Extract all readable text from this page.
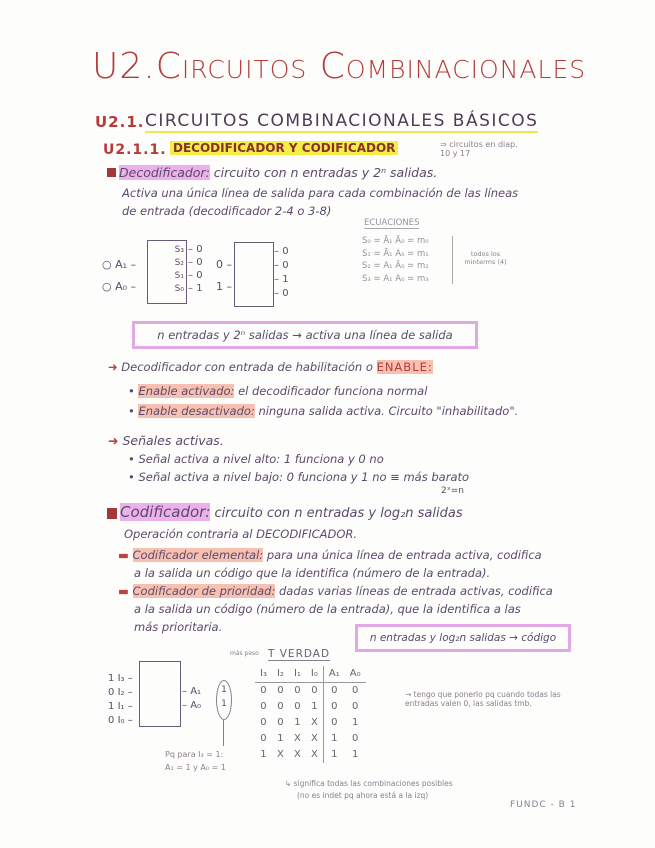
U2.Circuitos Combinacionales
U2.1. CIRCUITOS COMBINACIONALES BÁSICOS
U2.1.1. DECODIFICADOR Y CODIFICADOR	⇒ circuitos en diap. 10 y 17
Decodificador: circuito con n entradas y 2ⁿ salidas.
Activa una única línea de salida para cada combinación de las líneas
de entrada (decodificador 2-4 o 3-8)
○ A₁ –
○ A₀ –
S₃
S₂
S₁
S₀
– 0
– 0
– 0
– 1
0 –
1 –
– 0
– 0
– 1
– 0
ECUACIONES
S₀ = Ā₁ Ā₀ = m₀
S₁ = Ā₁ A₀ = m₁
S₂ = A₁ Ā₀ = m₂
S₃ = A₁ A₀ = m₃
todos los minterms (4)
n entradas y 2ⁿ salidas → activa una línea de salida
➜ Decodificador con entrada de habilitación o ENABLE:
• Enable activado: el decodificador funciona normal
• Enable desactivado: ninguna salida activa. Circuito "inhabilitado".
➜ Señales activas.
• Señal activa a nivel alto: 1 funciona y 0 no
• Señal activa a nivel bajo: 0 funciona y 1 no ≡ más barato
2ˣ=n
Codificador: circuito con n entradas y log₂n salidas
Operación contraria al DECODIFICADOR.
▬ Codificador elemental: para una única línea de entrada activa, codifica
a la salida un código que la identifica (número de la entrada).
▬ Codificador de prioridad: dadas varias líneas de entrada activas, codifica
a la salida un código (número de la entrada), que la identifica a las
más prioritaria.
n entradas y log₂n salidas → código
1 I₃ –
0 I₂ –
1 I₁ –
0 I₀ –
– A₁
– A₀
1
1
Pq para I₃ = 1:
A₁ = 1 y A₀ = 1
más peso T VERDAD
I₃	I₂	I₁	I₀	A₁	A₀
0	0	0	0	0	0
0	0	0	1	0	0
0	0	1	X	0	1
0	1	X	X	1	0
1	X	X	X	1	1
→ tengo que ponerlo pq cuando todas las entradas valen 0, las salidas tmb.
↳ significa todas las combinaciones posibles
(no es indet pq ahora está a la izq)
FUNDC - B 1
